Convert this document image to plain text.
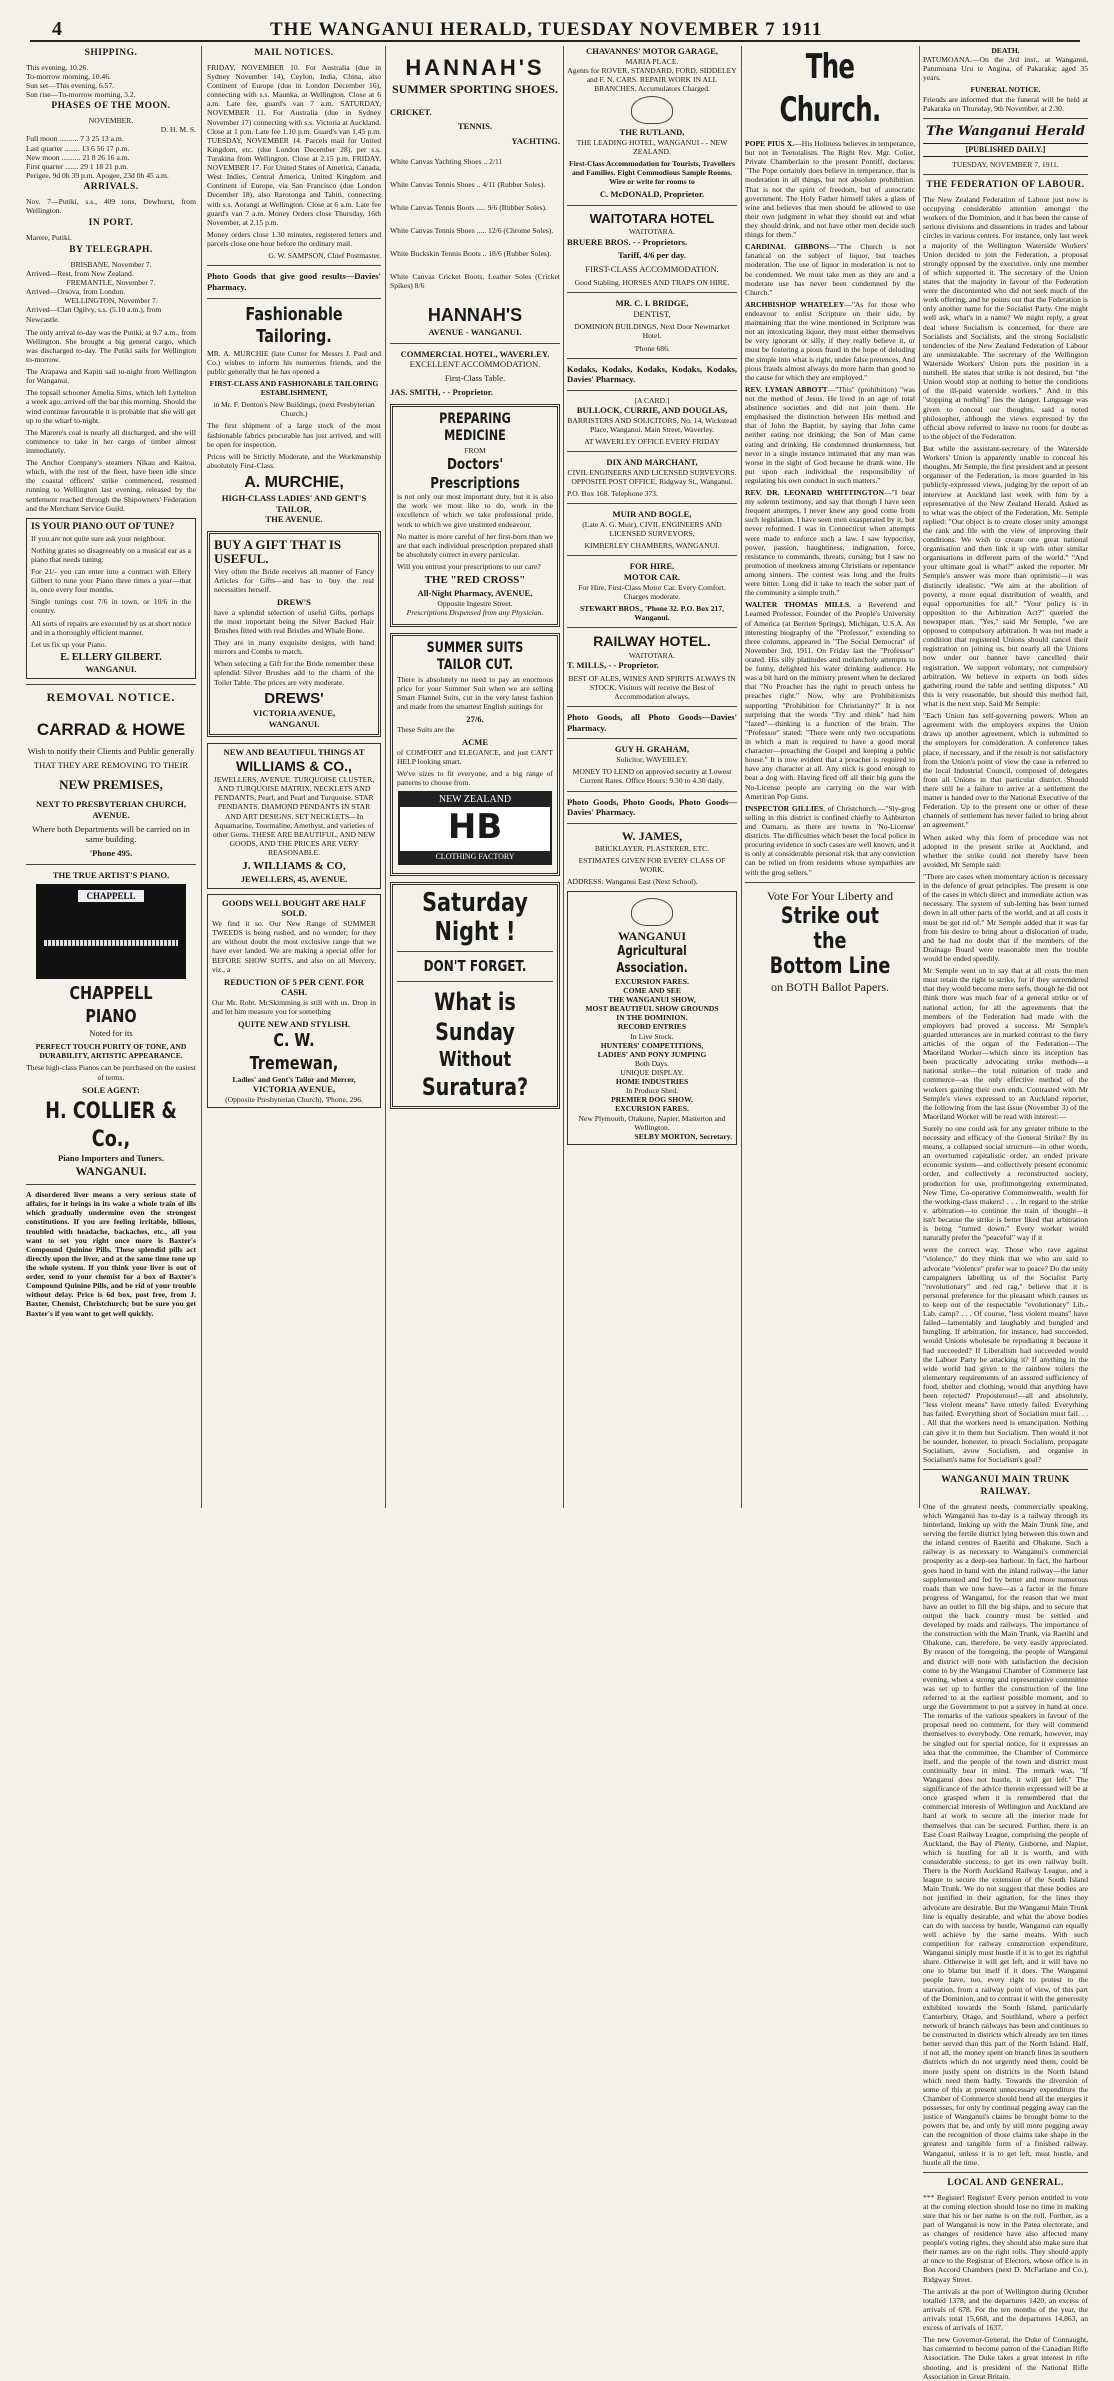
4	THE WANGANUI HERALD, TUESDAY NOVEMBER 7 1911
SHIPPING.
This evening, 10.26.
To-morrow morning, 10.46.
Sun set—This evening, 6.57.
Sun rise—To-morrow morning, 3.2.
PHASES OF THE MOON.
NOVEMBER.
D. H. M. S.
Full moon .......... 7 3 25 13 a.m.
Last quarter ........ 13 6 56 17 p.m.
New moon .......... 21 8 26 16 a.m.
First quarter ....... 29 1 18 21 p.m.
Perigee, 9d 0h 39 p.m. Apogee, 23d 0h 45 a.m.
ARRIVALS.

Nov. 7—Putiki, s.s., 409 tons, Dewhurst, from Wellington.

IN PORT.

Marere, Putiki.

BY TELEGRAPH.
BRISBANE, November 7.
Arrived—Rest, from New Zealand.
FREMANTLE, November 7.
Arrived—Orsova, from London.
WELLINGTON, November 7.
Arrived—Clan Ogilvy, s.s. (5.10 a.m.), from Newcastle.

The only arrival to-day was the Putiki, at 9.7 a.m., from Wellington. She brought a big general cargo, which was discharged to-day. The Putiki sails for Wellington to-morrow.

The Arapawa and Kapiti sail to-night from Wellington for Wanganui.

The topsail schooner Amelia Sims, which left Lyttelton a week ago, arrived off the bar this morning. Should the wind continue favourable it is probable that she will get up to the wharf to-night.

The Marere's coal is nearly all discharged, and she will commence to take in her cargo of timber almost immediately.

The Anchor Company's steamers Nikau and Kaitoa, which, with the rest of the fleet, have been idle since the coastal officers' strike commenced, resumed running to Wellington last evening, released by the settlement reached through the Shipowners' Federation and the Merchant Service Guild.

IS YOUR PIANO OUT OF TUNE?

If you are not quite sure ask your neighbour.

Nothing grates so disagreeably on a musical ear as a piano that needs tuning.

For 21/- you can enter into a contract with Ellery Gilbert to tune your Piano three times a year—that is, once every four months.

Single tunings cost 7/6 in town, or 10/6 in the country.

All sorts of repairs are executed by us at short notice and in a thoroughly efficient manner.

Let us fix up your Piano.

E. ELLERY GILBERT.
WANGANUI.
REMOVAL NOTICE.
CARRAD & HOWE

Wish to notify their Clients and Public generally

THAT THEY ARE REMOVING TO THEIR

NEW PREMISES,

NEXT TO PRESBYTERIAN CHURCH, AVENUE.

Where both Departments will be carried on in same building.

'Phone 495.

THE TRUE ARTIST'S PIANO.
CHAPPELL
CHAPPELL PIANO

Noted for its

PERFECT TOUCH PURITY OF TONE, AND DURABILITY, ARTISTIC APPEARANCE.

These high-class Pianos can be purchased on the easiest of terms.

SOLE AGENT:

H. COLLIER & Co.,
Piano Importers and Tuners.
WANGANUI.

A disordered liver means a very serious state of affairs, for it brings in its wake a whole train of ills which gradually undermine even the strongest constitutions. If you are feeling irritable, bilious, troubled with headache, backaches, etc., all you want to set you right once more is Baxter's Compound Quinine Pills. These splendid pills act directly upon the liver, and at the same time tone up the whole system. If you think your liver is out of order, send to your chemist for a box of Baxter's Compound Quinine Pills, and be rid of your trouble without delay. Price is 6d box, post free, from J. Baxter, Chemist, Christchurch; but be sure you get Baxter's if you want to get well quickly.

MAIL NOTICES.

FRIDAY, NOVEMBER 10. For Australia (due in Sydney November 14), Ceylon, India, China, also Continent of Europe (due in London December 16), connecting with s.s. Maunka, at Wellington. Close at 6 a.m. Late fee, guard's van 7 a.m. SATURDAY, NOVEMBER 11. For Australia (due in Sydney November 17) connecting with s.s. Victoria at Auckland. Close at 1 p.m. Late fee 1.10 p.m. Guard's van 1.45 p.m. TUESDAY, NOVEMBER 14. Parcels mail for United Kingdom, etc. (due London December 28), per s.s. Turakina from Wellington. Close at 2.15 p.m. FRIDAY, NOVEMBER 17. For United States of America, Canada, West Indies, Central America, United Kingdom and Continent of Europe, via San Francisco (due London December 18), also Rarotonga and Tahiti, connecting with s.s. Aorangi at Wellington. Close at 6 a.m. Late fee guard's van 7 a.m. Money Orders close Thursday, 16th November, at 2.15 p.m.

Money orders close 1.30 minutes, registered letters and parcels close one hour before the ordinary mail.

G. W. SAMPSON, Chief Postmaster.

Photo Goods that give good results—Davies' Pharmacy.

Fashionable Tailoring.

MR. A. MURCHIE (late Cutter for Messrs J. Paul and Co.) wishes to inform his numerous friends, and the public generally that he has opened a

FIRST-CLASS AND FASHIONABLE TAILORING ESTABLISHMENT,

in Mr. F. Denton's New Buildings, (next Presbyterian Church.)

The first shipment of a large stock of the most fashionable fabrics procurable has just arrived, and will be open for inspection.

Prices will be Strictly Moderate, and the Workmanship absolutely First-Class.

A. MURCHIE,
HIGH-CLASS LADIES' AND GENT'S TAILOR,
THE AVENUE.
BUY A GIFT THAT IS USEFUL.

Very often the Bride receives all manner of Fancy Articles for Gifts—and has to buy the real necessities herself.

DREW'S

have a splendid selection of useful Gifts, perhaps the most important being the Silver Backed Hair Brushes fitted with real Bristles and Whale Bone.

They are in many exquisite designs, with hand mirrors and Combs to match.

When selecting a Gift for the Bride remember these splendid Silver Brushes add to the charm of the Toilet Table. The prices are very moderate.

DREWS'
VICTORIA AVENUE,
WANGANUI.
NEW AND BEAUTIFUL THINGS AT
WILLIAMS & CO.,

JEWELLERS, AVENUE. TURQUOISE CLUSTER, AND TURQUOISE MATRIX, NECKLETS AND PENDANTS, Pearl, and Pearl and Turquoise. STAR PENDANTS. DIAMOND PENDANTS IN STAR AND ART DESIGNS. SET NECKLETS—In Aquamarine, Tourmaline, Amethyst, and varieties of other Gems. THESE ARE BEAUTIFUL, AND NEW GOODS, AND THE PRICES ARE VERY REASONABLE.

J. WILLIAMS & CO,
JEWELLERS, 45, AVENUE.
GOODS WELL BOUGHT ARE HALF SOLD.

We find it so. Our New Range of SUMMER TWEEDS is being rushed, and no wonder; for they are without doubt the most exclusive range that we have ever landed. We are making a special offer for BEFORE SHOW SUITS, and also on all Mercery, viz., a

REDUCTION OF 5 PER CENT. FOR CASH.

Our Mr. Robt. McSkimming is still with us. Drop in and let him measure you for something

QUITE NEW AND STYLISH.
C. W. Tremewan,
Ladies' and Gent's Tailor and Mercer,
VICTORIA AVENUE,
(Opposite Presbyterian Church), 'Phone, 296.
HANNAH'S
SUMMER SPORTING SHOES.
CRICKET.
TENNIS.
YACHTING.

White Canvas Yachting Shoes .. 2/11

White Canvas Tennis Shoes .. 4/11 (Rubber Soles).

White Canvas Tennis Boots ..... 9/6 (Rubber Soles).

White Canvas Tennis Shoes ..... 12/6 (Chrome Soles).

White Buckskin Tennis Boots .. 18/6 (Rubber Soles).

White Canvas Cricket Boots, Leather Soles (Cricket Spikes) 8/6

HANNAH'S
AVENUE - WANGANUI.
COMMERCIAL HOTEL, WAVERLEY.

EXCELLENT ACCOMMODATION.

First-Class Table.

JAS. SMITH, - - Proprietor.

PREPARING MEDICINE
FROM
Doctors' Prescriptions

is not only our most important duty, but it is also the work we most like to do, work in the excellence of which we take professional pride, work to which we give unstinted endeavour.

No matter is more careful of her first-born than we are that each individual prescription prepared shall be absolutely correct in every particular.

Will you entrust your prescriptions to our care?

THE "RED CROSS"
All-Night Pharmacy, AVENUE,
Opposite Ingestre Street.

Prescriptions Dispensed from any Physician.

SUMMER SUITS TAILOR CUT.

There is absolutely no need to pay an enormous price for your Summer Suit when we are selling Smart Flannel Suits, cut in the very latest fashion and made from the smartest English suitings for

27/6.

These Suits are the

ACME

of COMFORT and ELEGANCE, and just CAN'T HELP looking smart.

We've sizes to fit everyone, and a big range of patterns to choose from.

NEW ZEALAND
HB
CLOTHING FACTORY
Saturday
Night !
DON'T FORGET.
What is
Sunday
Without
Suratura?
CHAVANNES' MOTOR GARAGE,
MARIA PLACE.

Agents for ROVER, STANDARD, FORD, SIDDELEY and F. N. CARS. REPAIR WORK IN ALL BRANCHES. Accumulators Charged.

THE RUTLAND,

THE LEADING HOTEL, WANGANUI - - NEW ZEALAND.

First-Class Accommodation for Tourists, Travellers and Families. Eight Commodious Sample Rooms. Wire or write for rooms to

C. McDONALD, Proprietor.

WAITOTARA HOTEL
WAITOTARA.

BRUERE BROS. - - Proprietors.

Tariff, 4/6 per day.

FIRST-CLASS ACCOMMODATION.

Good Stabling. HORSES AND TRAPS ON HIRE.

MR. C. I. BRIDGE,

DENTIST,

DOMINION BUILDINGS, Next Door Newmarket Hotel.

'Phone 686.

Kodaks, Kodaks, Kodaks, Kodaks, Kodaks, Davies' Pharmacy.

[A CARD.]
BULLOCK, CURRIE, AND DOUGLAS,

BARRISTERS AND SOLICITORS, No. 14, Wickstead Place, Wanganui. Main Street, Waverley.

AT WAVERLEY OFFICE EVERY FRIDAY

DIX AND MARCHANT,

CIVIL ENGINEERS AND LICENSED SURVEYORS. OPPOSITE POST OFFICE, Ridgway St., Wanganui.

P.O. Box 168. Telephone 373.

MUIR AND BOGLE,

(Late A. G. Muir), CIVIL ENGINEERS AND LICENSED SURVEYORS,

KIMBERLEY CHAMBERS, WANGANUI.

FOR HIRE.
MOTOR CAR.

For Hire, First-Class Motor Car. Every Comfort. Charges moderate.

STEWART BROS., 'Phone 32. P.O. Box 217, Wanganui.

RAILWAY HOTEL.
WAITOTARA.

T. MILLS, - - Proprietor.

BEST OF ALES, WINES AND SPIRITS ALWAYS IN STOCK. Visitors will receive the Best of Accommodation always.

Photo Goods, all Photo Goods—Davies' Pharmacy.

GUY H. GRAHAM,

Solicitor, WAVERLEY.

MONEY TO LEND on approved security at Lowest Current Rates. Office Hours: 9.30 to 4.30 daily.

Photo Goods, Photo Goods, Photo Goods—Davies' Pharmacy.

W. JAMES,

BRICKLAYER, PLASTERER, ETC.

ESTIMATES GIVEN FOR EVERY CLASS OF WORK.

ADDRESS: Wanganui East (Next School).

WANGANUI
Agricultural Association.
EXCURSION FARES.
COME AND SEE
THE WANGANUI SHOW,
MOST BEAUTIFUL SHOW GROUNDS
IN THE DOMINION.
RECORD ENTRIES
In Live Stock.
HUNTERS' COMPETITIONS,
LADIES' AND PONY JUMPING
Both Days.
UNIQUE DISPLAY.
HOME INDUSTRIES
In Produce Shed.
PREMIER DOG SHOW.
EXCURSION FARES.
New Plymouth, Otakune, Napier, Masterton and Wellington.
SELBY MORTON, Secretary.
The Church.

POPE PIUS X.—His Holiness believes in temperance, but not in Teetotalism. The Right Rev. Mgr. Colier, Private Chamberlain to the present Pontiff, declares: "The Pope certainly does believe in temperance, that is moderation in all things, but not absolute prohibition. That is not the spirit of freedom, but of autocratic government. The Holy Father himself takes a glass of wine and believes that men should be allowed to use their own judgment in what they should eat and what they should drink, and not have other men decide such things for them."

CARDINAL GIBBONS—"The Church is not fanatical on the subject of liquor, but teaches moderation. The use of liquor in moderation is not to be condemned. We must take men as they are and a moderate use has never been condemned by the Church."

ARCHBISHOP WHATELEY—"As for those who endeavour to enlist Scripture on their side, by maintaining that the wine mentioned in Scripture was not an intoxicating liquor, they must either themselves be very ignorant or silly, if they really believe it, or must be fostering a pious fraud in the hope of deluding the simple into what is right, under false pretences. And pious frauds almost always do more harm than good to the cause for which they are employed."

REV. LYMAN ABBOTT—"This" (prohibition) "was not the method of Jesus. He lived in an age of total abstinence societies and did not join them. He emphasised the distinction between His method and that of John the Baptist, by saying that John came neither eating nor drinking; the Son of Man came eating and drinking. He condemned drunkenness, but never in a single instance intimated that any man was worse in the sight of God because he drank wine. He put upon each individual the responsibility of regulating his own conduct in such matters."

REV. DR. LEONARD WHITTINGTON—"I bear my solemn testimony, and say that though I have seen frequent attempts, I never knew any good come from such legislation. I have seen men exasperated by it, but never reformed. I was in Connecticut when attempts were made to enforce such a law. I saw hypocrisy, power, passion, haughtiness, indignation, force, resistance to commands, threats, cursing; but I saw no promotion of meekness among Christians or repentance among sinners. The contest was long and the fruits were bitter. Long did it take to teach the sober part of the community a simple truth."

WALTER THOMAS MILLS, a Reverend and Learned Professor, Founder of the People's University of America (at Berrien Springs), Michigan, U.S.A. An interesting biography of the "Professor," extending to three columns, appeared in "The Social Democrat" of November 3rd, 1911. On Friday last the "Professor" orated. His silly platitudes and melancholy attempts to be funny, delighted his water drinking audience. He was a bit hard on the ministry present when he declared that "No Preacher has the right to preach unless he preaches right." Now, why are Prohibitionists supporting "Prohibition for Christianity?" It is not surprising that the words "Try and think" had him "fazed"—thinking is a function of the brain. The "Professor" stated: "There were only two occupations in which a man is required to have a good moral character—preaching the Gospel and keeping a public house." It is now evident that a preacher is required to have any character at all. Any stick is good enough to beat a dog with. Having fired off all their big guns the No-License people are carrying on the war with American Pop Guns.

INSPECTOR GILLIES, of Christchurch.—"Sly-grog selling in this district is confined chiefly to Ashburton and Oamaru, as there are towns in 'No-License' districts. The difficulties which beset the local police in procuring evidence in such cases are well known, and it is only at considerable personal risk that any conviction can be relied on from residents whose sympathies are with the grog sellers."

Vote For Your Liberty and
Strike out the
Bottom Line
on BOTH Ballot Papers.
DEATH.

PATUMOANA.—On the 3rd inst., at Wanganui, Patumoana Uru te Angina, of Pakaraka; aged 35 years.

FUNERAL NOTICE.

Friends are informed that the funeral will be held at Pakaraka on Thursday, 9th November, at 2.30.

The Wanganui Herald
[PUBLISHED DAILY.]
TUESDAY, NOVEMBER 7, 1911.
THE FEDERATION OF LABOUR.

The New Zealand Federation of Labour just now is occupying considerable attention amongst the workers of the Dominion, and it has been the cause of serious divisions and dissentions in trades and labour circles in various centres. For instance, only last week a majority of the Wellington Waterside Workers' Union decided to join the Federation, a proposal strongly opposed by the executive, only one member of which supported it. The secretary of the Union states that the majority in favour of the Federation were the discontented who did not seek much of the work offering, and he points out that the Federation is only another name for the Socialist Party. One might well ask, what's in a name? We might reply, a great deal where Socialism is concerned, for there are Socialists and Socialists, and the strong Socialistic tendencies of the New Zealand Federation of Labour are unmistakable. The secretary of the Wellington Waterside Workers' Union puts the position in a nutshell. He states that strike is not desired, but "the Union would stop at nothing to better the conditions of the ill-paid waterside workers." And in this "stopping at nothing" lies the danger. Language was given to conceal our thoughts, said a noted philosopher, although the views expressed by the official above referred to leave no room for doubt as to the object of the Federation.

But while the assistant-secretary of the Waterside Workers' Union is apparently unable to conceal his thoughts, Mr Semple, the first president and at present organiser of the Federation, is more guarded in his publicly-expressed views, judging by the report of an interview at Auckland last week with him by a representative of the New Zealand Herald. Asked as to what was the object of the Federation, Mr. Semple replied: "Our object is to create closer unity amongst the rank and file with the view of improving their conditions. We wish to create one great national organisation and then link it up with other similar organisations in different parts of the world." "And your ultimate goal is what?" asked the reporter. Mr Semple's answer was more than optimistic—it was distinctly idealistic. "We aim at the abolition of poverty, a more equal distribution of wealth, and equal opportunities for all." "Your policy is in opposition to the Arbitration Act?" queried the newspaper man. "Yes," said Mr Semple, "we are opposed to compulsory arbitration. It was not made a condition that registered Unions should cancel their registration on joining us, but nearly all the Unions now under our banner have cancelled their registration. We support voluntary, not compulsory arbitration. We believe in experts on both sides gathering round the table and settling disputes." All this is very reasonable, but should this method fail, what is the next step. Said Mr Semple:

"Each Union has self-governing powers. When an agreement with the employers expires the Union draws up another agreement, which is submitted to the employers for consideration. A conference takes place, if necessary, and if the result is not satisfactory from the Union's point of view the case is referred to the local Industrial Council, composed of delegates from all Unions in that particular district. Should there still be a failure to arrive at a settlement the matter is handed over to the National Executive of the Federation. Up to the present one or other of these channels of settlement has never failed to bring about an agreement."

When asked why this form of procedure was not adopted in the present strike at Auckland, and whether the strike could not thereby have been avoided, Mr Semple said:

"There are cases when momentary action is necessary in the defence of great principles. The present is one of the cases in which direct and immediate action was necessary. The system of sub-letting has been turned down in all other parts of the world, and at all costs it must be got rid of." Mr Semple added that it was far from his desire to bring about a dislocation of trade, and he had no doubt that if the members of the Drainage Board were reasonable men the trouble would be ended speedily.

Mr Semple went on to say that at all costs the men must retain the right to strike, for if they surrendered that they would become mere serfs, though he did not think there was much fear of a general strike or of national action, for all the agreements that the members of the Federation had made with the employers had proved a success. Mr Semple's guarded utterances are in marked contrast to the fiery articles of the organ of the Federation—The Maoriland Worker—which since its inception has been practically advocating strike methods—a national strike—the total ruination of trade and commerce—as the only effective method of the workers gaining their own ends. Contrasted with Mr Semple's views expressed to an Auckland reporter, the following from the last issue (November 3) of the Maoriland Worker will be read with interest:—

Surely no one could ask for any greater tribute to the necessity and efficacy of the General Strike? By its means, a collapsed social structure—in other words, an overturned capitalistic order, an ended private economic system—and collectively present economic order, and collectively a reconstructed society, production for use, profitmongering exterminated, New Time, Co-operative Commonwealth, wealth for the working-class makers! . . . In regard to the strike v. arbitration—to continue the train of thought—it isn't because the strike is better liked that arbitration is being "turned down." Every worker would naturally prefer the "peaceful" way if it

were the correct way. Those who rave against "violence," do they think that we who are said to advocate "violence" prefer war to peace? Do the unity campaigners labelling us of the Socialist Party "revolutionary" and red rag," believe that it is personal preference for the pleasant which causes us to keep out of the respectable "evolutionary" Lib.-Lab. camp? . . . Of course, "less violent means" have failed—lamentably and laughably and bungled and bungling. If arbitration, for instance, had succeeded, would Unions wholesale be repudiating it because it had succeeded? If Liberalism had succeeded would the Labour Party be attacking it? If anything in the wide world had given to the rainbow toilers the elementary requirements of an assured sufficiency of food, shelter and clothing, would that anything have been rejected? Preposterous!—all and absolutely, "less violent means" have utterly failed. Everything has failed. Everything short of Socialism must fail. . . . All that the workers need is emancipation. Nothing can give it to them but Socialism. Then would it not be sounder, honester, to preach Socialism, propagate Socialism, avow Socialism, and organise in Socialism's name for Socialism's goal?

WANGANUI MAIN TRUNK RAILWAY.

One of the greatest needs, commercially speaking, which Wanganui has to-day is a railway through its hinterland, linking up with the Main Trunk line, and serving the fertile district lying between this town and the inland centres of Raetihi and Ohakune. Such a railway is as necessary to Wanganui's commercial prosperity as a deep-sea harbour. In fact, the harbour goes hand in hand with the inland railway—the latter supplemented and fed by better and more numerous roads than we now have—as a factor in the future progress of Wanganui, for the reason that we must have an outlet to fill the big ships, and to secure that output the back country must be settled and developed by roads and railways. The importance of the construction with the Main Trunk, via Raetihi and Ohakune, can, therefore, be very easily appreciated. By reason of the foregoing, the people of Wanganui and district will note with satisfaction the decision come to by the Wanganui Chamber of Commerce last evening, when a strong and representative committee was set up to further the construction of the line referred to at the earliest possible moment, and to urge the Government to put a survey in hand at once. The remarks of the various speakers in favour of the proposal need no comment, for they will commend themselves to everybody. One remark, however, may be singled out for special notice, for it expresses an idea that the committee, the Chamber of Commerce itself, and the people of the town and district must continually bear in mind. The remark was, "If Wanganui does not hustle, it will get left." The significance of the advice therein expressed will be at once grasped when it is remembered that the commercial interests of Wellington and Auckland are hard at work to secure all the interior trade for themselves that can be secured. Further, there is an East Coast Railway League, comprising the people of Auckland, the Bay of Plenty, Gisborne, and Napier, which is hustling for all it is worth, and with considerable success, to get its own railway built. There is the North Auckland Railway League, and a league to secure the extension of the South Island Main Trunk. We do not suggest that these bodies are not justified in their agitation, for the lines they advocate are desirable. But the Wanganui Main Trunk line is equally desirable, and what the above bodies can do with success by hustle, Wanganui can equally well achieve by the same means. With such competition for railway construction expenditure, Wanganui simply must hustle if it is to get its rightful share. Otherwise it will get left, and it will have no one to blame but itself if it does. The Wanganui people have, too, every right to protest to the starvation, from a railway point of view, of this part of the Dominion, and to contrast it with the generosity exhibited towards the South Island, particularly Canterbury, Otago, and Southland, where a perfect network of branch railways has been and continues to be constructed in districts which already are ten times better served than this part of the North Island. Half, if not all, the money spent on branch lines in southern districts which do not urgently need them, could be more justly spent on districts in the North Island which need them badly. Towards the diversion of some of this at present unnecessary expenditure the Chamber of Commerce should bend all the energies it possesses, for only by continual pegging away can the justice of Wanganui's claims be brought home to the powers that be, and only by still more pegging away can the recognition of those claims take shape in the greatest and tangible form of a finished railway. Wanganui, unless it is to get left, must hustle, and hustle all the time.

LOCAL AND GENERAL.

*** Register! Register! Every person entitled to vote at the coming election should lose no time in making sure that his or her name is on the roll. Further, as a part of Wanganui is now in the Patea electorate, and as changes of residence have also affected many people's voting rights, they should also make sure that their names are on the right rolls. They should apply at once to the Registrar of Electors, whose office is in Bon Accord Chambers (next D. McFarlane and Co.), Ridgway Street.

The arrivals at the port of Wellington during October totalled 1378, and the departures 1420, an excess of arrivals of 678. For the ten months of the year, the arrivals total 15,668, and the departures 14,863, an excess of arrivals of 1637.

The new Governor-General, the Duke of Connaught, has consented to become patron of the Canadian Rifle Association. The Duke takes a great interest in rifle shooting, and is president of the National Rifle Association in Great Britain.
